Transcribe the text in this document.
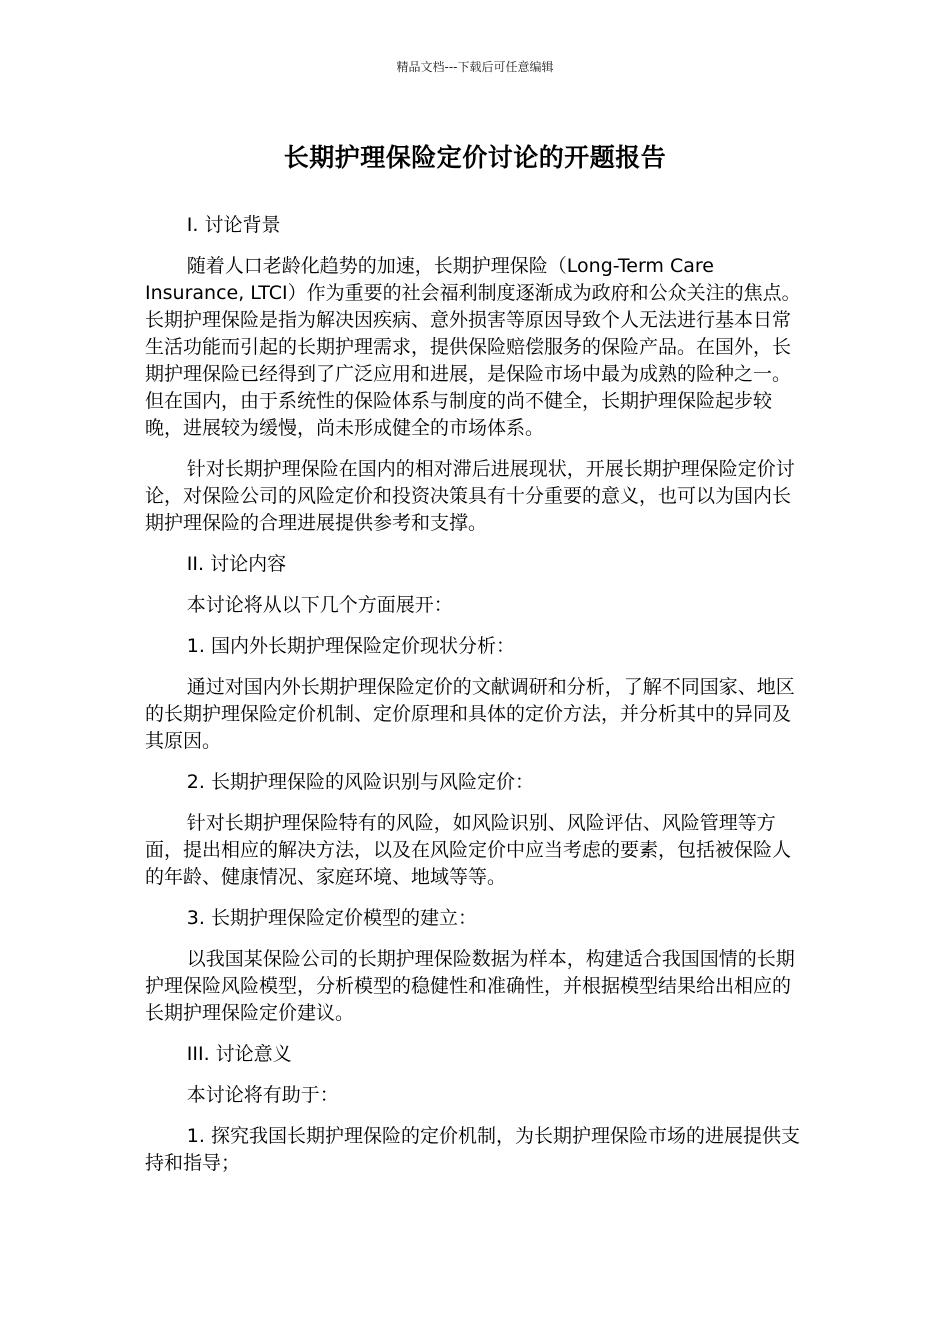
精品文档---下载后可任意编辑
长期护理保险定价讨论的开题报告

I. 讨论背景

随着人口老龄化趋势的加速，长期护理保险（Long-Term Care Insurance, LTCI）作为重要的社会福利制度逐渐成为政府和公众关注的焦点。长期护理保险是指为解决因疾病、意外损害等原因导致个人无法进行基本日常生活功能而引起的长期护理需求，提供保险赔偿服务的保险产品。在国外，长期护理保险已经得到了广泛应用和进展，是保险市场中最为成熟的险种之一。但在国内，由于系统性的保险体系与制度的尚不健全，长期护理保险起步较晚，进展较为缓慢，尚未形成健全的市场体系。

针对长期护理保险在国内的相对滞后进展现状，开展长期护理保险定价讨论，对保险公司的风险定价和投资决策具有十分重要的意义，也可以为国内长期护理保险的合理进展提供参考和支撑。

II. 讨论内容

本讨论将从以下几个方面展开：

1. 国内外长期护理保险定价现状分析：

通过对国内外长期护理保险定价的文献调研和分析，了解不同国家、地区的长期护理保险定价机制、定价原理和具体的定价方法，并分析其中的异同及其原因。

2. 长期护理保险的风险识别与风险定价：

针对长期护理保险特有的风险，如风险识别、风险评估、风险管理等方面，提出相应的解决方法，以及在风险定价中应当考虑的要素，包括被保险人的年龄、健康情况、家庭环境、地域等等。

3. 长期护理保险定价模型的建立：

以我国某保险公司的长期护理保险数据为样本，构建适合我国国情的长期护理保险风险模型，分析模型的稳健性和准确性，并根据模型结果给出相应的长期护理保险定价建议。

III. 讨论意义

本讨论将有助于：

1. 探究我国长期护理保险的定价机制，为长期护理保险市场的进展提供支持和指导；
